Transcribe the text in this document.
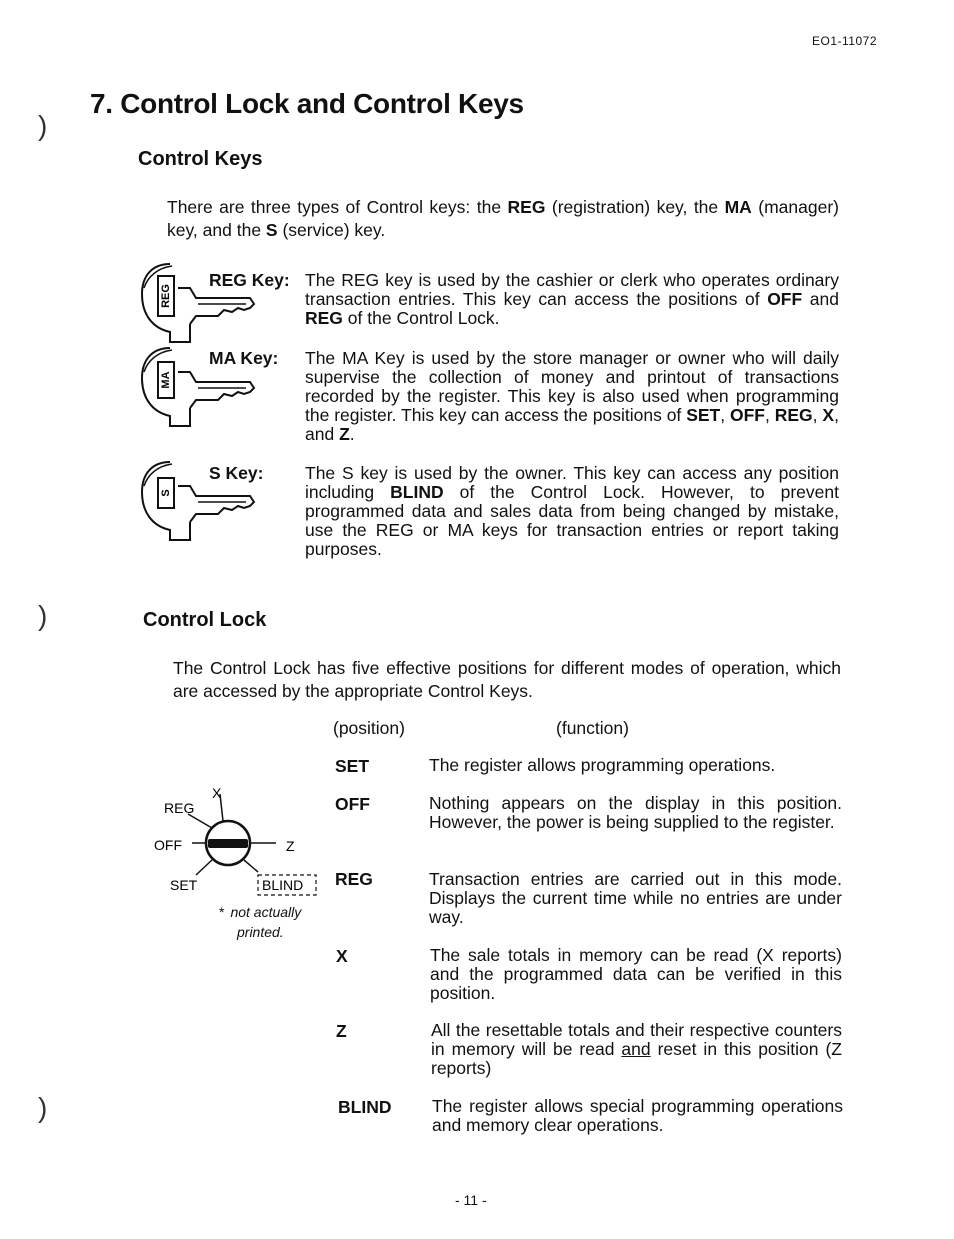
)
)
)
EO1-11072
7. Control Lock and Control Keys
Control Keys
There are three types of Control keys: the REG (registration) key, the MA (manager) key, and the S (service) key.
REG
REG Key: The REG key is used by the cashier or clerk who operates ordinary transaction entries. This key can access the positions of OFF and REG of the Control Lock.
MA
MA Key: The MA Key is used by the store manager or owner who will daily supervise the collection of money and printout of transactions recorded by the register. This key is also used when programming the register. This key can access the positions of SET, OFF, REG, X, and Z.
S
S Key: The S key is used by the owner. This key can access any position including BLIND of the Control Lock. However, to prevent programmed data and sales data from being changed by mistake, use the REG or MA keys for transaction entries or report taking purposes.
Control Lock
The Control Lock has five effective positions for different modes of operation, which are accessed by the appropriate Control Keys.
(position)	(function)
REG
X
OFF	Z
SET	BLIND
* not actually
printed.
SET	The register allows programming operations.
OFF	Nothing appears on the display in this position. However, the power is being supplied to the register.
REG	Transaction entries are carried out in this mode. Displays the current time while no entries are under way.
X	The sale totals in memory can be read (X reports) and the programmed data can be verified in this position.
Z	All the resettable totals and their respective counters in memory will be read and reset in this position (Z reports)
BLIND The register allows special programming operations and memory clear operations.
- 11 -
